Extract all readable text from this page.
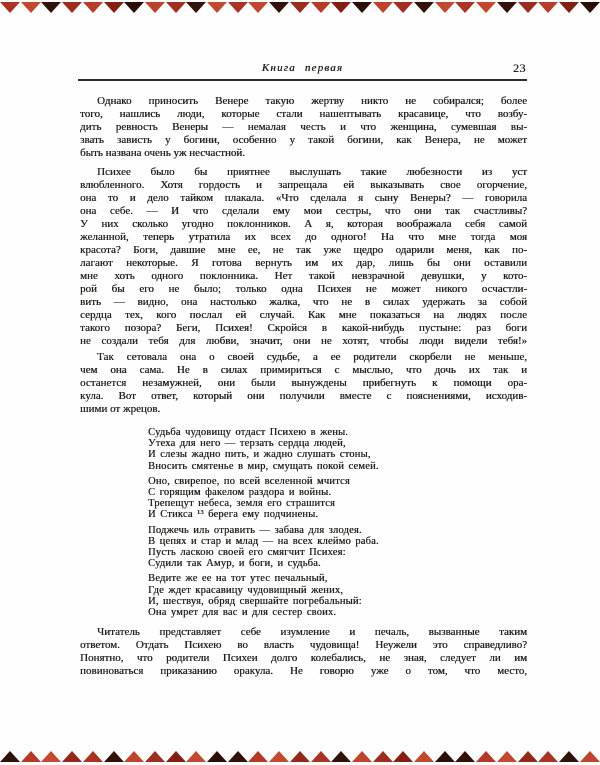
Книга первая	23
Однако приносить Венере такую жертву никто не собирался; более
того, нашлись люди, которые стали нашептывать красавице, что возбу-
дить ревность Венеры — немалая честь и что женщина, сумевшая вы-
звать зависть у богини, особенно у такой богини, как Венера, не может
быть названа очень уж несчастной.
Психее было бы приятнее выслушать такие любезности из уст
влюбленного. Хотя гордость и запрещала ей выказывать свое огорчение,
она то и дело тайком плакала. «Что сделала я сыну Венеры? — говорила
она себе. — И что сделали ему мои сестры, что они так счастливы?
У них сколько угодно поклонников. А я, которая воображала себя самой
желанной, теперь утратила их всех до одного! На что мне тогда моя
красота? Боги, давшие мне ее, не так уже щедро одарили меня, как по-
лагают некоторые. Я готова вернуть им их дар, лишь бы они оставили
мне хоть одного поклонника. Нет такой невзрачной девушки, у кото-
рой бы его не было; только одна Психея не может никого осчастли-
вить — видно, она настолько жалка, что не в силах удержать за собой
сердца тех, кого послал ей случай. Как мне показаться на людях после
такого позора? Беги, Психея! Скройся в какой-нибудь пустыне: раз боги
не создали тебя для любви, значит, они не хотят, чтобы люди видели тебя!»
Так сетовала она о своей судьбе, а ее родители скорбели не меньше,
чем она сама. Не в силах примириться с мыслью, что дочь их так и
останется незамужней, они были вынуждены прибегнуть к помощи ора-
кула. Вот ответ, который они получили вместе с пояснениями, исходив-
шими от жрецов.
Судьба чудовищу отдаст Психею в жены.
Утеха для него — терзать сердца людей,
И слезы жадно пить, и жадно слушать стоны,
Вносить смятенье в мир, смущать покой семей.
Оно, свирепое, по всей вселенной мчится
С горящим факелом раздора и войны.
Трепещут небеса, земля его страшится
И Стикса ¹³ берега ему подчинены.
Поджечь иль отравить — забава для злодея.
В цепях и стар и млад — на всех клеймо раба.
Пусть ласкою своей его смягчит Психея:
Судили так Амур, и боги, и судьба.
Ведите же ее на тот утес печальный,
Где ждет красавицу чудовищный жених,
И, шествуя, обряд свершайте погребальный:
Она умрет для вас и для сестер своих.
Читатель представляет себе изумление и печаль, вызванные таким
ответом. Отдать Психею во власть чудовища! Неужели это справедливо?
Понятно, что родители Психеи долго колебались, не зная, следует ли им
повиноваться приказанию оракула. Не говорю уже о том, что место,
